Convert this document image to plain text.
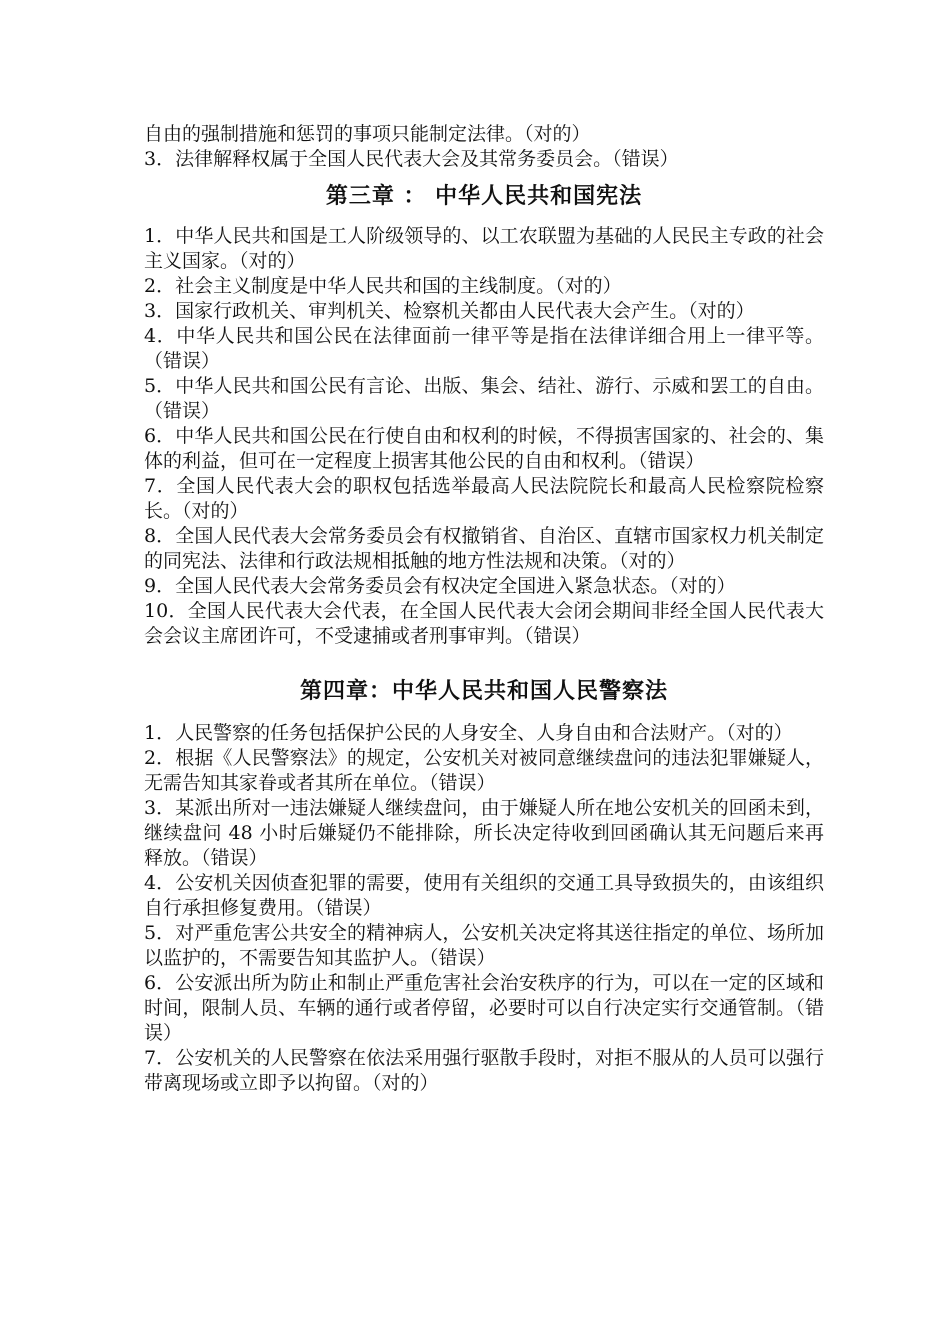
自由的强制措施和惩罚的事项只能制定法律。（对的）

3．法律解释权属于全国人民代表大会及其常务委员会。（错误）

第三章 ： 中华人民共和国宪法

1．中华人民共和国是工人阶级领导的、以工农联盟为基础的人民民主专政的社会主义国家。（对的）

2．社会主义制度是中华人民共和国的主线制度。（对的）

3．国家行政机关、审判机关、检察机关都由人民代表大会产生。（对的）

4．中华人民共和国公民在法律面前一律平等是指在法律详细合用上一律平等。（错误）

5．中华人民共和国公民有言论、出版、集会、结社、游行、示威和罢工的自由。（错误）

6．中华人民共和国公民在行使自由和权利的时候，不得损害国家的、社会的、集体的利益，但可在一定程度上损害其他公民的自由和权利。（错误）

7．全国人民代表大会的职权包括选举最高人民法院院长和最高人民检察院检察长。（对的）

8．全国人民代表大会常务委员会有权撤销省、自治区、直辖市国家权力机关制定的同宪法、法律和行政法规相抵触的地方性法规和决策。（对的）

9．全国人民代表大会常务委员会有权决定全国进入紧急状态。（对的）

10．全国人民代表大会代表，在全国人民代表大会闭会期间非经全国人民代表大会会议主席团许可，不受逮捕或者刑事审判。（错误）

第四章：中华人民共和国人民警察法

1．人民警察的任务包括保护公民的人身安全、人身自由和合法财产。（对的）

2．根据《人民警察法》的规定，公安机关对被同意继续盘问的违法犯罪嫌疑人，无需告知其家眷或者其所在单位。（错误）

3．某派出所对一违法嫌疑人继续盘问，由于嫌疑人所在地公安机关的回函未到，继续盘问 48 小时后嫌疑仍不能排除，所长决定待收到回函确认其无问题后来再释放。（错误）

4．公安机关因侦查犯罪的需要，使用有关组织的交通工具导致损失的，由该组织自行承担修复费用。（错误）

5．对严重危害公共安全的精神病人，公安机关决定将其送往指定的单位、场所加以监护的，不需要告知其监护人。（错误）

6．公安派出所为防止和制止严重危害社会治安秩序的行为，可以在一定的区域和时间，限制人员、车辆的通行或者停留，必要时可以自行决定实行交通管制。（错误）

7．公安机关的人民警察在依法采用强行驱散手段时，对拒不服从的人员可以强行带离现场或立即予以拘留。（对的）
